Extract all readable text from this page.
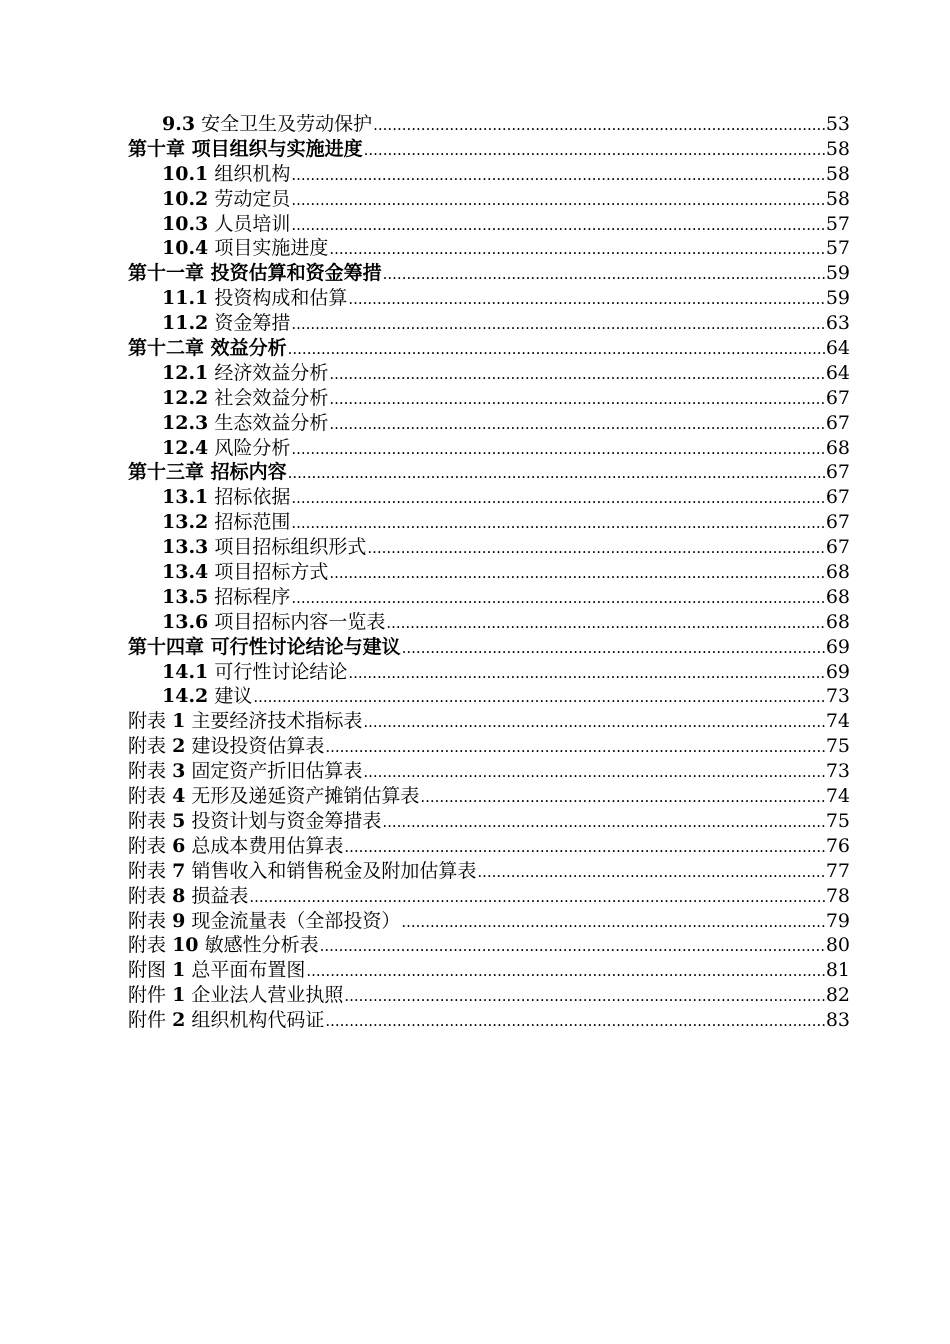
9.3 安全卫生及劳动保护 .....	53
第十章 项目组织与实施进度 .....	58
10.1 组织机构 .....	58
10.2 劳动定员 .....	58
10.3 人员培训 .....	57
10.4 项目实施进度 .....	57
第十一章 投资估算和资金筹措 .....	59
11.1 投资构成和估算 .....	59
11.2 资金筹措 .....	63
第十二章 效益分析 .....	64
12.1 经济效益分析 .....	64
12.2 社会效益分析 .....	67
12.3 生态效益分析 .....	67
12.4 风险分析 .....	68
第十三章 招标内容 .....	67
13.1 招标依据 .....	67
13.2 招标范围 .....	67
13.3 项目招标组织形式 .....	67
13.4 项目招标方式 .....	68
13.5 招标程序 .....	68
13.6 项目招标内容一览表 .....	68
第十四章 可行性讨论结论与建议 .....	69
14.1 可行性讨论结论 .....	69
14.2 建议 .....	73
附表 1 主要经济技术指标表 .....	74
附表 2 建设投资估算表 .....	75
附表 3 固定资产折旧估算表 .....	73
附表 4 无形及递延资产摊销估算表 .....	74
附表 5 投资计划与资金筹措表 .....	75
附表 6 总成本费用估算表 .....	76
附表 7 销售收入和销售税金及附加估算表 .....	77
附表 8 损益表 .....	78
附表 9 现金流量表（全部投资） .....	79
附表 10 敏感性分析表 .....	80
附图 1 总平面布置图 .....	81
附件 1 企业法人营业执照 .....	82
附件 2 组织机构代码证 .....	83
